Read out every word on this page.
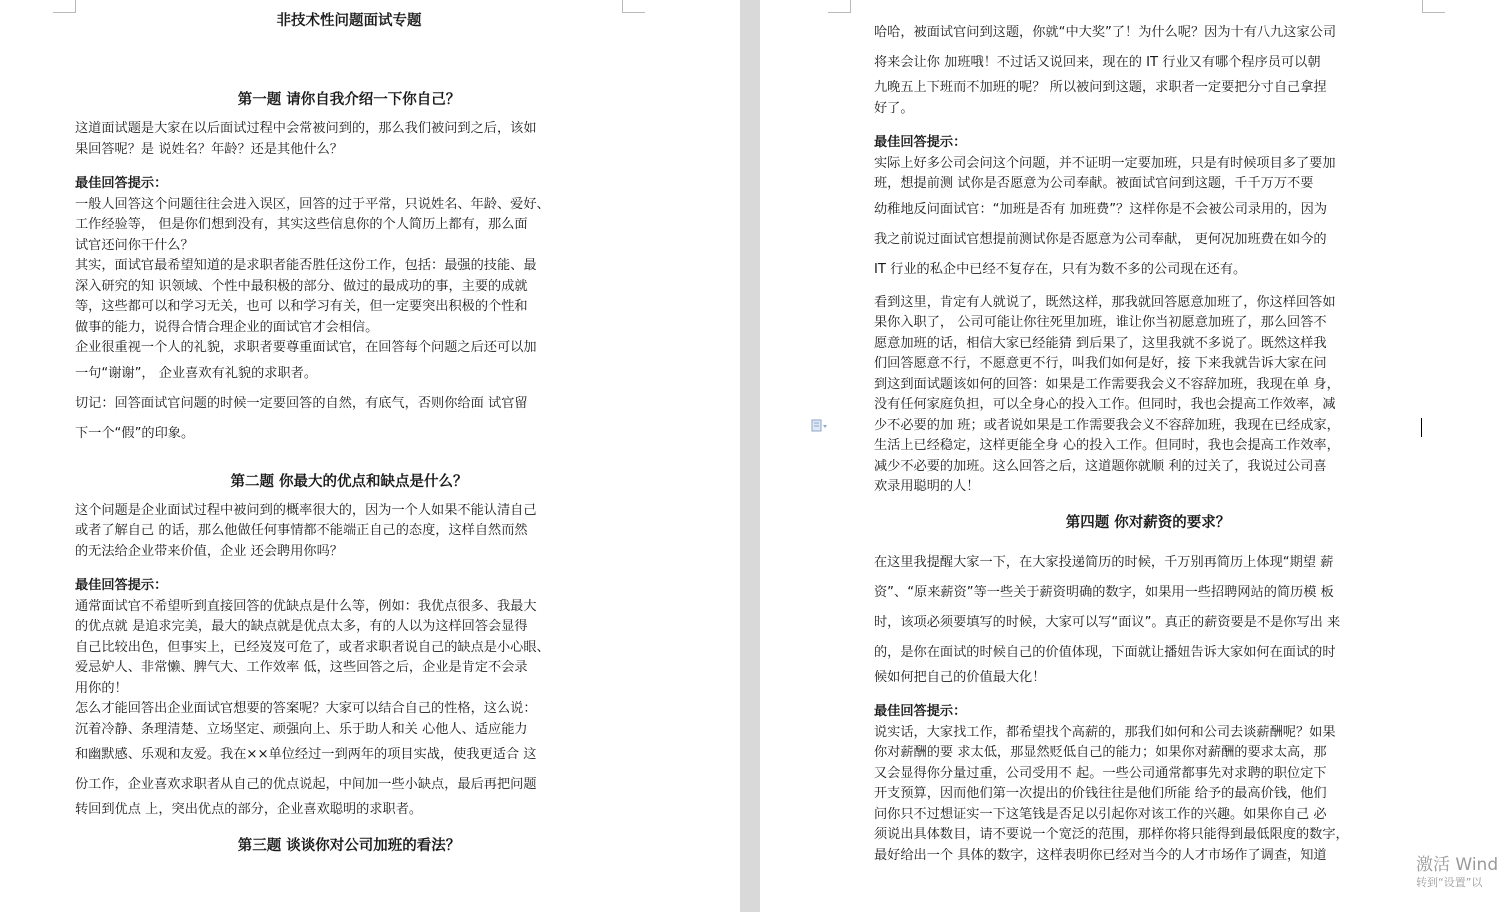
非技术性问题面试专题
第一题 请你自我介绍一下你自己？

这道面试题是大家在以后面试过程中会常被问到的，那么我们被问到之后，该如

果回答呢？是 说姓名？年龄？还是其他什么？

最佳回答提示：

一般人回答这个问题往往会进入误区，回答的过于平常，只说姓名、年龄、爱好、

工作经验等， 但是你们想到没有，其实这些信息你的个人简历上都有，那么面

试官还问你干什么？

其实，面试官最希望知道的是求职者能否胜任这份工作，包括：最强的技能、最

深入研究的知 识领域、个性中最积极的部分、做过的最成功的事，主要的成就

等，这些都可以和学习无关，也可 以和学习有关，但一定要突出积极的个性和

做事的能力，说得合情合理企业的面试官才会相信。

企业很重视一个人的礼貌，求职者要尊重面试官，在回答每个问题之后还可以加

一句“谢谢”， 企业喜欢有礼貌的求职者。

切记：回答面试官问题的时候一定要回答的自然，有底气，否则你给面 试官留

下一个“假”的印象。

第二题 你最大的优点和缺点是什么？

这个问题是企业面试过程中被问到的概率很大的，因为一个人如果不能认清自己

或者了解自己 的话，那么他做任何事情都不能端正自己的态度，这样自然而然

的无法给企业带来价值，企业 还会聘用你吗？

最佳回答提示：

通常面试官不希望听到直接回答的优缺点是什么等，例如：我优点很多、我最大

的优点就 是追求完美，最大的缺点就是优点太多，有的人以为这样回答会显得

自己比较出色，但事实上，已经岌岌可危了，或者求职者说自己的缺点是小心眼、

爱忌妒人、非常懒、脾气大、工作效率 低，这些回答之后，企业是肯定不会录

用你的！

怎么才能回答出企业面试官想要的答案呢？大家可以结合自己的性格，这么说：

沉着冷静、条理清楚、立场坚定、顽强向上、乐于助人和关 心他人、适应能力

和幽默感、乐观和友爱。我在××单位经过一到两年的项目实战，使我更适合 这

份工作，企业喜欢求职者从自己的优点说起，中间加一些小缺点，最后再把问题

转回到优点 上，突出优点的部分，企业喜欢聪明的求职者。

第三题 谈谈你对公司加班的看法？

哈哈，被面试官问到这题，你就“中大奖”了！为什么呢？因为十有八九这家公司

将来会让你 加班哦！不过话又说回来，现在的 IT 行业又有哪个程序员可以朝

九晚五上下班而不加班的呢？ 所以被问到这题，求职者一定要把分寸自己拿捏

好了。

最佳回答提示：

实际上好多公司会问这个问题，并不证明一定要加班，只是有时候项目多了要加

班，想提前测 试你是否愿意为公司奉献。被面试官问到这题，千千万万不要

幼稚地反问面试官：“加班是否有 加班费”？这样你是不会被公司录用的，因为

我之前说过面试官想提前测试你是否愿意为公司奉献， 更何况加班费在如今的

IT 行业的私企中已经不复存在，只有为数不多的公司现在还有。

看到这里，肯定有人就说了，既然这样，那我就回答愿意加班了，你这样回答如

果你入职了， 公司可能让你往死里加班，谁让你当初愿意加班了，那么回答不

愿意加班的话，相信大家已经能猜 到后果了，这里我就不多说了。既然这样我

们回答愿意不行，不愿意更不行，叫我们如何是好，接 下来我就告诉大家在问

到这到面试题该如何的回答：如果是工作需要我会义不容辞加班，我现在单 身，

没有任何家庭负担，可以全身心的投入工作。但同时，我也会提高工作效率，减

少不必要的加 班；或者说如果是工作需要我会义不容辞加班，我现在已经成家，

生活上已经稳定，这样更能全身 心的投入工作。但同时，我也会提高工作效率，

减少不必要的加班。这么回答之后，这道题你就顺 利的过关了，我说过公司喜

欢录用聪明的人！

第四题 你对薪资的要求？

在这里我提醒大家一下，在大家投递简历的时候，千万别再简历上体现“期望 薪

资”、“原来薪资”等一些关于薪资明确的数字，如果用一些招聘网站的简历模 板

时，该项必须要填写的时候，大家可以写“面议”。真正的薪资要是不是你写出 来

的，是你在面试的时候自己的价值体现，下面就让播妞告诉大家如何在面试的时

候如何把自己的价值最大化！

最佳回答提示：

说实话，大家找工作，都希望找个高薪的，那我们如何和公司去谈薪酬呢？如果

你对薪酬的要 求太低，那显然贬低自己的能力；如果你对薪酬的要求太高，那

又会显得你分量过重，公司受用不 起。一些公司通常都事先对求聘的职位定下

开支预算，因而他们第一次提出的价钱往往是他们所能 给予的最高价钱，他们

问你只不过想证实一下这笔钱是否足以引起你对该工作的兴趣。如果你自己 必

须说出具体数目，请不要说一个宽泛的范围，那样你将只能得到最低限度的数字，

最好给出一个 具体的数字，这样表明你已经对当今的人才市场作了调查，知道	激活 Wind
转到“设置”以
